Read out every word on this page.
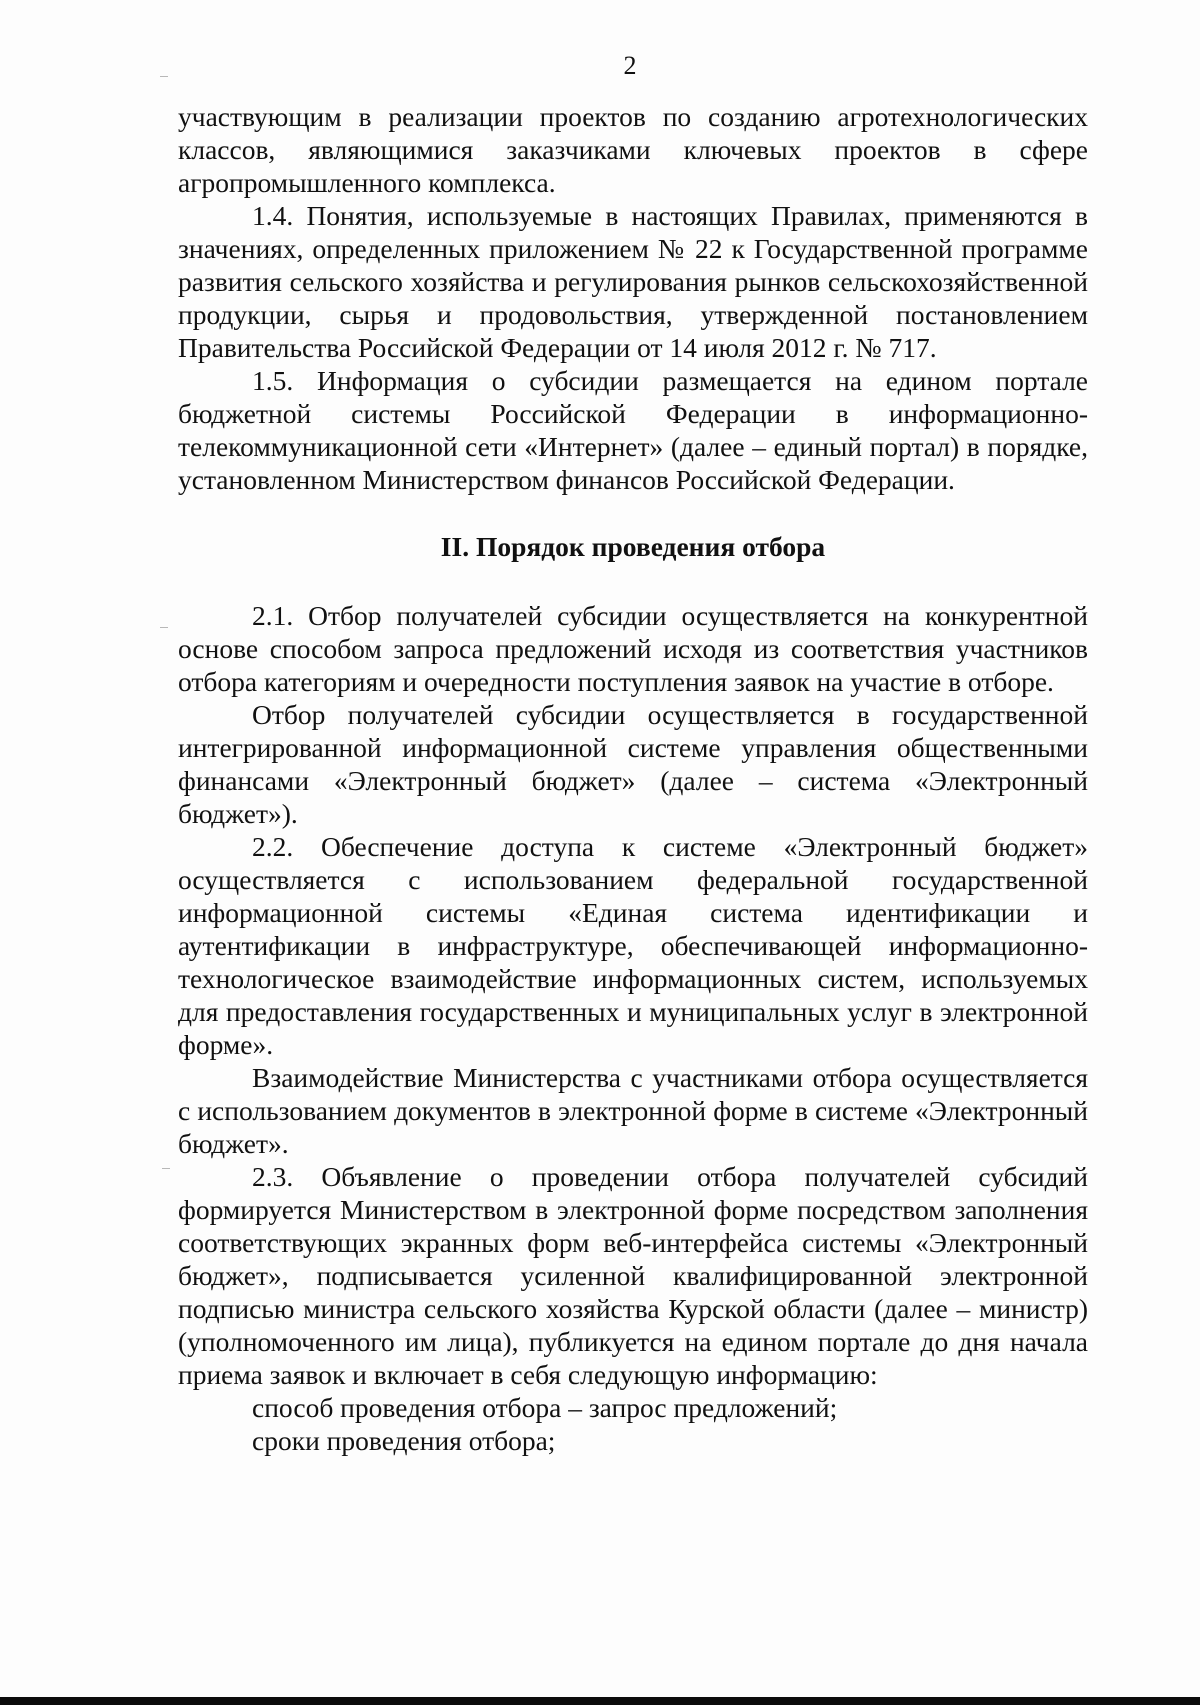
2

участвующим в реализации проектов по созданию агротехнологических классов, являющимися заказчиками ключевых проектов в сфере агропромышленного комплекса.

1.4. Понятия, используемые в настоящих Правилах, применяются в значениях, определенных приложением № 22 к Государственной программе развития сельского хозяйства и регулирования рынков сельскохозяйственной продукции, сырья и продовольствия, утвержденной постановлением Правительства Российской Федерации от 14 июля 2012 г. № 717.

1.5. Информация о субсидии размещается на едином портале бюджетной системы Российской Федерации в информационно-телекоммуникационной сети «Интернет» (далее – единый портал) в порядке, установленном Министерством финансов Российской Федерации.

II. Порядок проведения отбора

2.1. Отбор получателей субсидии осуществляется на конкурентной основе способом запроса предложений исходя из соответствия участников отбора категориям и очередности поступления заявок на участие в отборе.

Отбор получателей субсидии осуществляется в государственной интегрированной информационной системе управления общественными финансами «Электронный бюджет» (далее – система «Электронный бюджет»).

2.2. Обеспечение доступа к системе «Электронный бюджет» осуществляется с использованием федеральной государственной информационной системы «Единая система идентификации и аутентификации в инфраструктуре, обеспечивающей информационно-технологическое взаимодействие информационных систем, используемых для предоставления государственных и муниципальных услуг в электронной форме».

Взаимодействие Министерства с участниками отбора осуществляется с использованием документов в электронной форме в системе «Электронный бюджет».

2.3. Объявление о проведении отбора получателей субсидий формируется Министерством в электронной форме посредством заполнения соответствующих экранных форм веб-интерфейса системы «Электронный бюджет», подписывается усиленной квалифицированной электронной подписью министра сельского хозяйства Курской области (далее – министр) (уполномоченного им лица), публикуется на едином портале до дня начала приема заявок и включает в себя следующую информацию:

способ проведения отбора – запрос предложений;

сроки проведения отбора;
